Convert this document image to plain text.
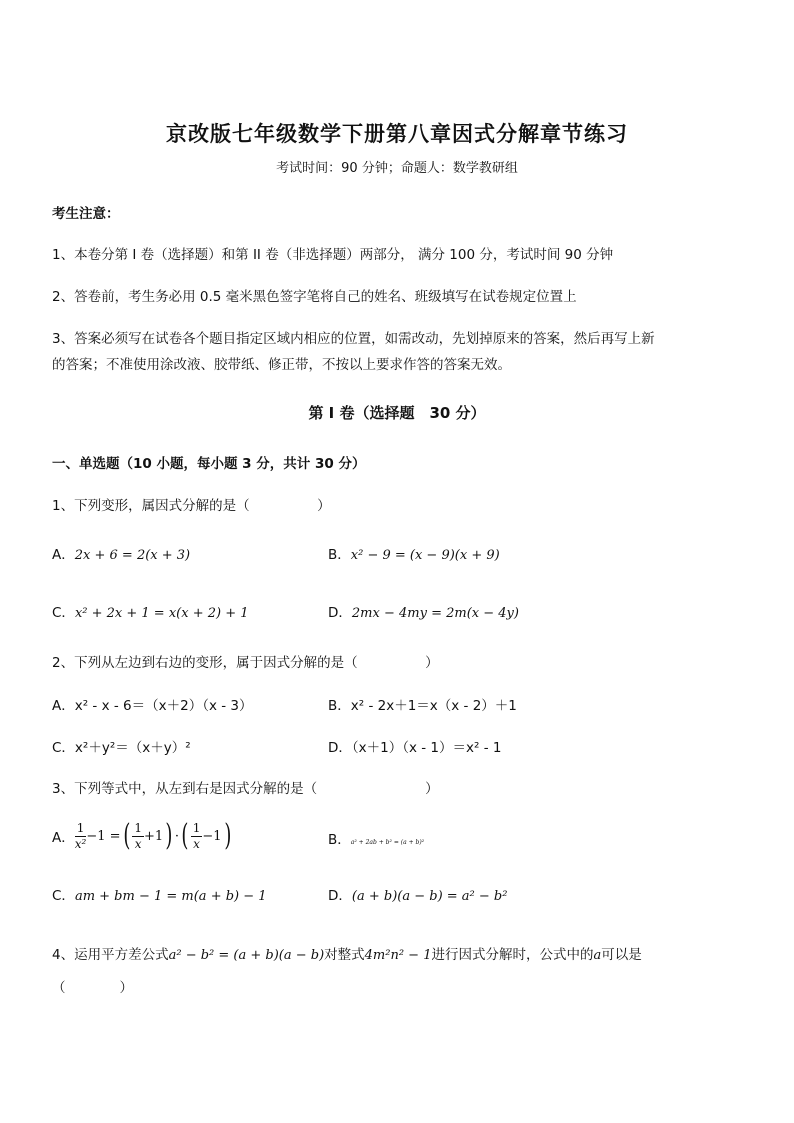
京改版七年级数学下册第八章因式分解章节练习
考试时间：90 分钟；命题人：数学教研组
考生注意：
1、本卷分第 I 卷（选择题）和第 II 卷（非选择题）两部分， 满分 100 分，考试时间 90 分钟
2、答卷前，考生务必用 0.5 毫米黑色签字笔将自己的姓名、班级填写在试卷规定位置上
3、答案必须写在试卷各个题目指定区域内相应的位置，如需改动，先划掉原来的答案，然后再写上新
的答案；不准使用涂改液、胶带纸、修正带，不按以上要求作答的答案无效。
第 I 卷（选择题　30 分）
一、单选题（10 小题，每小题 3 分，共计 30 分）
1、下列变形，属因式分解的是（　　　　　）
A．2x + 6 = 2(x + 3)	B．x² − 9 = (x − 9)(x + 9)
C．x² + 2x + 1 = x(x + 2) + 1	D．2mx − 4my = 2m(x − 4y)
2、下列从左边到右边的变形，属于因式分解的是（　　　　　）
A．x² - x - 6＝（x＋2）（x - 3）	B．x² - 2x＋1＝x（x - 2）＋1
C．x²＋y²＝（x＋y）²	D．（x＋1）（x - 1）＝x² - 1
3、下列等式中，从左到右是因式分解的是（　　　　　　　　）
A． $\frac{1}{\text{x²}} -1$ = ( $\frac{1}{x} +1$ ) · ( $\frac{1}{x} -1$ )	B．a² + 2ab + b² = (a + b)²
C．am + bm − 1 = m(a + b) − 1	D．(a + b)(a − b) = a² − b²
4、运用平方差公式a² − b² = (a + b)(a − b)对整式4m²n² − 1进行因式分解时，公式中的a可以是
（　　　　）
